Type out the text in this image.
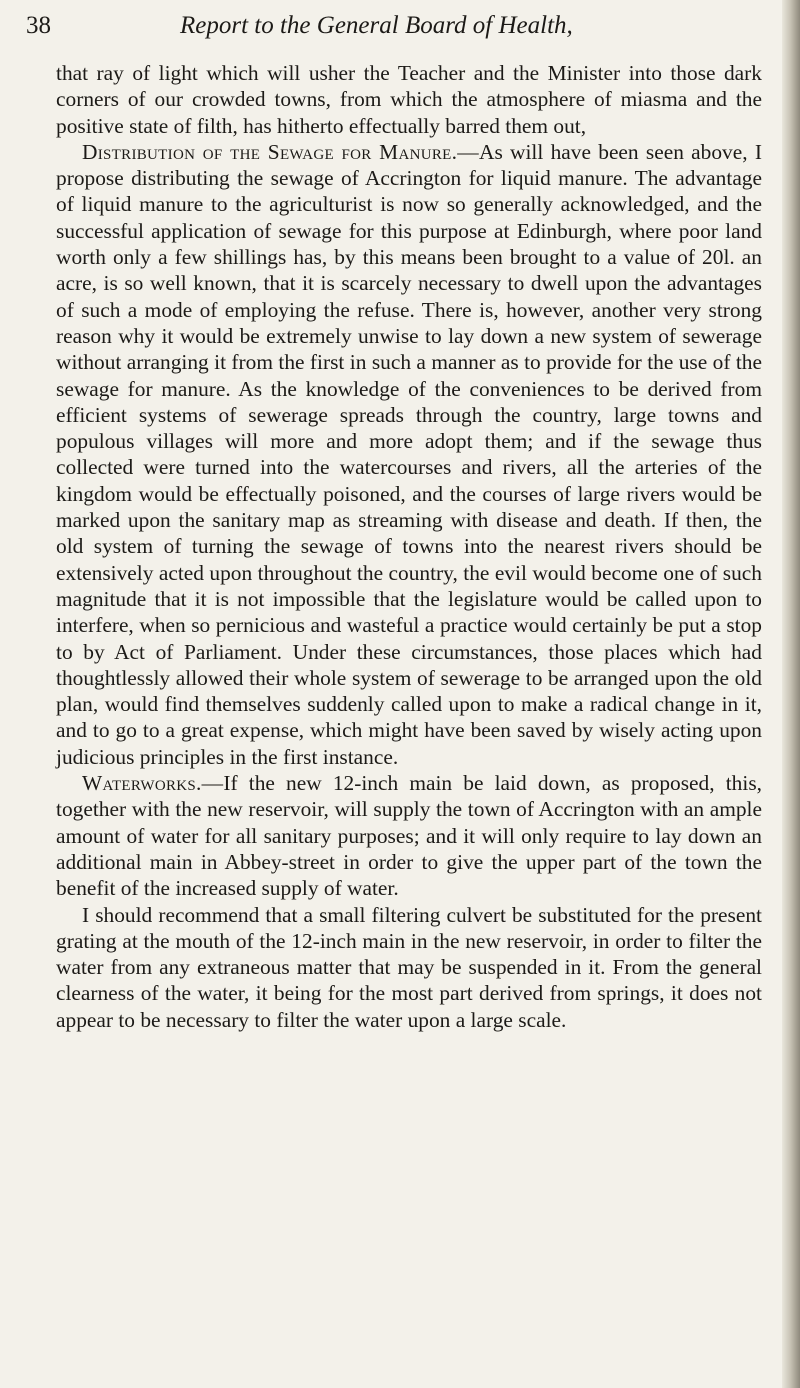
38	Report to the General Board of Health,

that ray of light which will usher the Teacher and the Minister into those dark corners of our crowded towns, from which the atmosphere of miasma and the positive state of filth, has hitherto effectually barred them out,

Distribution of the Sewage for Manure.—As will have been seen above, I propose distributing the sewage of Accrington for liquid manure. The advantage of liquid manure to the agriculturist is now so generally acknowledged, and the successful application of sewage for this purpose at Edinburgh, where poor land worth only a few shillings has, by this means been brought to a value of 20l. an acre, is so well known, that it is scarcely necessary to dwell upon the advantages of such a mode of employing the refuse. There is, however, another very strong reason why it would be extremely unwise to lay down a new system of sewerage without arranging it from the first in such a manner as to provide for the use of the sewage for manure. As the knowledge of the conveniences to be derived from efficient systems of sewerage spreads through the country, large towns and populous villages will more and more adopt them; and if the sewage thus collected were turned into the watercourses and rivers, all the arteries of the kingdom would be effectually poisoned, and the courses of large rivers would be marked upon the sanitary map as streaming with disease and death. If then, the old system of turning the sewage of towns into the nearest rivers should be extensively acted upon throughout the country, the evil would become one of such magnitude that it is not impossible that the legislature would be called upon to interfere, when so pernicious and wasteful a practice would certainly be put a stop to by Act of Parliament. Under these circumstances, those places which had thoughtlessly allowed their whole system of sewerage to be arranged upon the old plan, would find themselves suddenly called upon to make a radical change in it, and to go to a great expense, which might have been saved by wisely acting upon judicious principles in the first instance.

Waterworks.—If the new 12-inch main be laid down, as proposed, this, together with the new reservoir, will supply the town of Accrington with an ample amount of water for all sanitary purposes; and it will only require to lay down an additional main in Abbey-street in order to give the upper part of the town the benefit of the increased supply of water.

I should recommend that a small filtering culvert be substituted for the present grating at the mouth of the 12-inch main in the new reservoir, in order to filter the water from any extraneous matter that may be suspended in it. From the general clearness of the water, it being for the most part derived from springs, it does not appear to be necessary to filter the water upon a large scale.
